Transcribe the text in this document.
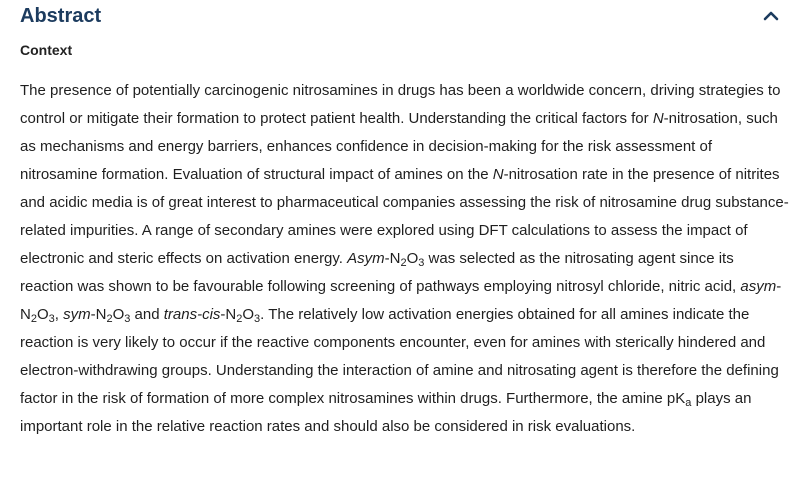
Abstract
Context

The presence of potentially carcinogenic nitrosamines in drugs has been a worldwide concern, driving strategies to control or mitigate their formation to protect patient health. Understanding the critical factors for N-nitrosation, such as mechanisms and energy barriers, enhances confidence in decision-making for the risk assessment of nitrosamine formation. Evaluation of structural impact of amines on the N-nitrosation rate in the presence of nitrites and acidic media is of great interest to pharmaceutical companies assessing the risk of nitrosamine drug substance-related impurities. A range of secondary amines were explored using DFT calculations to assess the impact of electronic and steric effects on activation energy. Asym-$N_2O_3$ was selected as the nitrosating agent since its reaction was shown to be favourable following screening of pathways employing nitrosyl chloride, nitric acid, asym-$N_2O_3$, sym-$N_2O_3$ and trans-$cis-N_2O_3$. The relatively low activation energies obtained for all amines indicate the reaction is very likely to occur if the reactive components encounter, even for amines with sterically hindered and electron-withdrawing groups. Understanding the interaction of amine and nitrosating agent is therefore the defining factor in the risk of formation of more complex nitrosamines within drugs. Furthermore, the amine $pK_a$ plays an important role in the relative reaction rates and should also be considered in risk evaluations.
